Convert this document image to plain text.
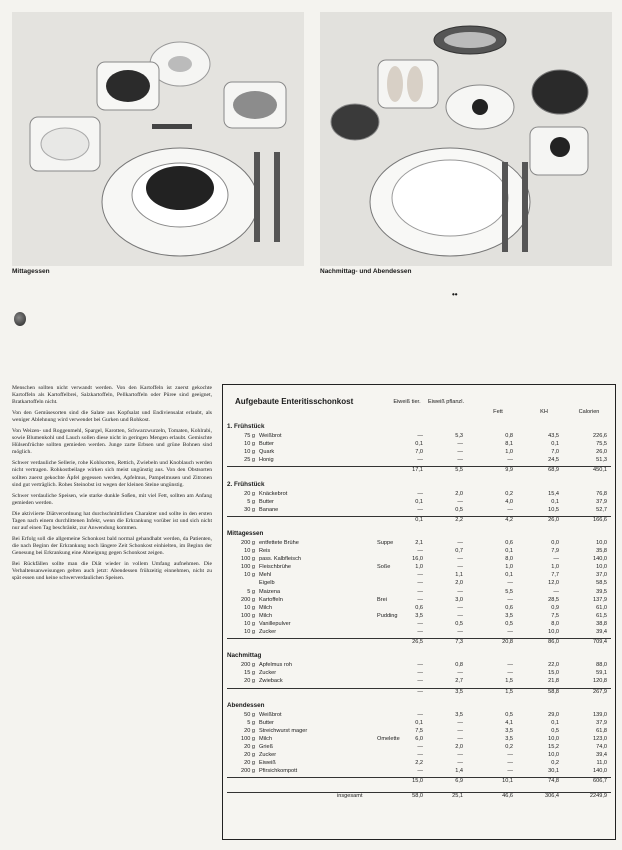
Mittagessen	Nachmittag- und Abendessen
••

Menschen sollten nicht verwandt werden. Von den Kartoffeln ist zuerst gekochte Kartoffeln als Kartoffelbrei, Salzkartoffeln, Pellkartoffeln oder Püree sind geeignet, Bratkartoffeln nicht.

Von den Gemüsesorten sind die Salate aus Kopfsalat und Endiviensalat erlaubt, als weniger Ablehnung wird verwendet bei Gurken und Rohkost.

Von Weizen- und Roggenmehl, Spargel, Karotten, Schwarzwurzeln, Tomaten, Kohlrabi, sowie Blumenkohl und Lauch sollen diese nicht in geringen Mengen erlaubt. Gemischte Hülsenfrüchte sollten gemieden werden. Junge zarte Erbsen und grüne Bohnen sind möglich.

Schwer verdauliche Sellerie, rohe Kohlsorten, Rettich, Zwiebeln und Knoblauch werden nicht vertragen. Rohkostbeilage wirken sich meist ungünstig aus. Von den Obstsorten sollten zuerst gekochte Äpfel gegessen werden, Apfelmus, Pampelmusen und Zitronen sind gut verträglich. Rohes Steinobst ist wegen der kleinen Steine ungünstig.

Schwer verdauliche Speisen, wie starke dunkle Soßen, mit viel Fett, sollten am Anfang gemieden werden.

Die aktiviierte Diätverordnung hat durchschnittlichen Charakter und sollte in den ersten Tagen nach einem durchlittenen Infekt, wenn die Erkrankung vorüber ist und sich nicht nur auf einen Tag beschränkt, zur Anwendung kommen.

Bei Erfolg soll die allgemeine Schonkost bald normal gehandhabt werden, da Patienten, die nach Beginn der Erkrankung noch längere Zeit Schonkost einhielten, im Beginn der Genesung bei Erkrankung eine Abneigung gegen Schonkost zeigen.

Bei Rückfällen sollte man die Diät wieder in vollem Umfang aufnehmen. Die Verhaltensanweisungen gelten auch jetzt: Abendessen frühzeitig einnehmen, nicht zu spät essen und keine schwerverdaulichen Speisen.

Aufgebaute Enteritisschonkost	Eiweiß tier.	Eiweiß pflanzl.
Fett	KH	Calorien
1. Frühstück
75 g Weißbrot	—	5,3	0,8	43,5	226,6
10 g Butter	0,1	—	8,1	0,1	75,5
10 g Quark	7,0	—	1,0	7,0	26,0
25 g Honig	—	—	—	24,5	51,3
17,1	5,5	9,9	68,9	450,1
2. Frühstück
20 g Knäckebrot	—	2,0	0,2	15,4	76,8
5 g Butter	0,1	—	4,0	0,1	37,9
30 g Banane	—	0,5	—	10,5	52,7
0,1	2,2	4,2	26,0	166,6
Mittagessen
200 g entfettete Brühe	Suppe	2,1	—	0,6	0,0	10,0
10 g Reis	—	0,7	0,1	7,9	35,8
100 g pass. Kalbfleisch	16,0	—	8,0	—	140,0
100 g Fleischbrühe	Soße	1,0	—	1,0	1,0	10,0
10 g Mehl	—	1,1	0,1	7,7	37,0
Eigelb	—	2,0	—	12,0	58,5
5 g Maizena	—	—	5,5	—	39,5
200 g Kartoffeln	Brei	—	3,0	—	28,5	137,9
10 g Milch	0,6	—	0,6	0,9	61,0
100 g Milch	Pudding	3,5	—	3,5	7,5	61,5
10 g Vanillepulver	—	0,5	0,5	8,0	38,8
10 g Zucker	—	—	—	10,0	39,4
26,5	7,3	20,8	86,0	709,4
Nachmittag
200 g Apfelmus roh	—	0,8	—	22,0	88,0
15 g Zucker	—	—	—	15,0	59,1
20 g Zwieback	—	2,7	1,5	21,8	120,8
—	3,5	1,5	58,8	267,9
Abendessen
50 g Weißbrot	—	3,5	0,5	29,0	139,0
5 g Butter	0,1	—	4,1	0,1	37,9
20 g Streichwurst mager	7,5	—	3,5	0,5	61,8
100 g Milch	Omelette	6,0	—	3,5	10,0	123,0
20 g Grieß	—	2,0	0,2	15,2	74,0
20 g Zucker	—	—	—	10,0	39,4
20 g Eiweiß	2,2	—	—	0,2	11,0
200 g Pfirsichkompott	—	1,4	—	30,1	140,0
15,0	6,9	10,1	74,8	606,7
insgesamt	58,0	25,1	46,6	306,4	2249,9
